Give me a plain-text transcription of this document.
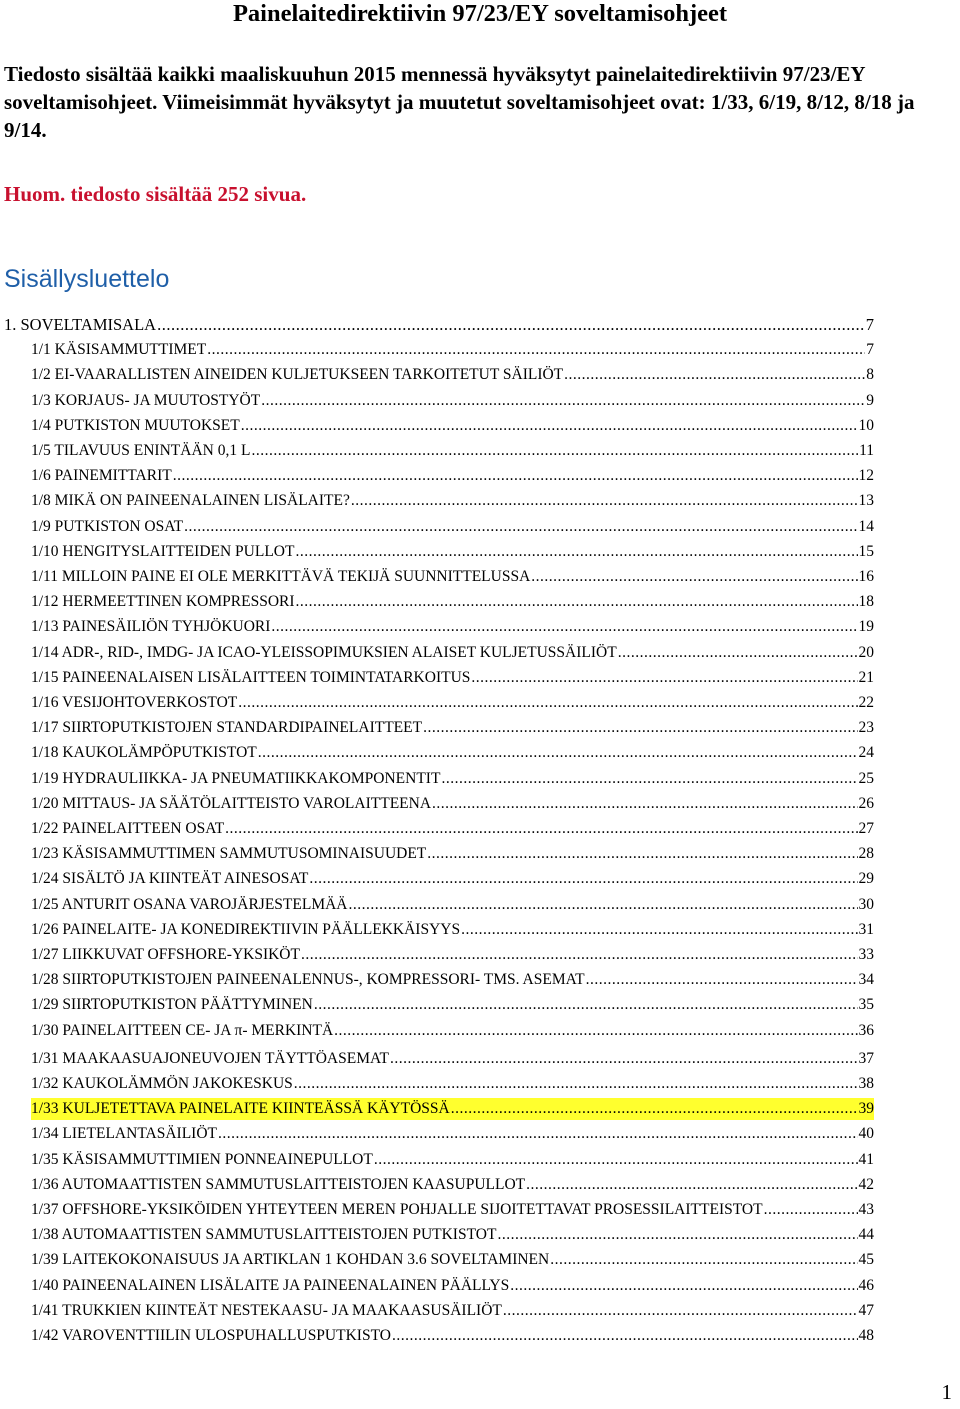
Painelaitedirektiivin 97/23/EY soveltamisohjeet
Tiedosto sisältää kaikki maaliskuuhun 2015 mennessä hyväksytyt painelaitedirektiivin 97/23/EY soveltamisohjeet. Viimeisimmät hyväksytyt ja muutetut soveltamisohjeet ovat: 1/33, 6/19, 8/12, 8/18 ja 9/14.
Huom. tiedosto sisältää 252 sivua.
Sisällysluettelo
1. SOVELTAMISALA .....	7
1/1 KÄSISAMMUTTIMET .....	7
1/2 EI-VAARALLISTEN AINEIDEN KULJETUKSEEN TARKOITETUT SÄILIÖT .....	8
1/3 KORJAUS- JA MUUTOSTYÖT .....	9
1/4 PUTKISTON MUUTOKSET .....	10
1/5 TILAVUUS ENINTÄÄN 0,1 L .....	11
1/6 PAINEMITTARIT .....	12
1/8 MIKÄ ON PAINEENALAINEN LISÄLAITE? .....	13
1/9 PUTKISTON OSAT .....	14
1/10 HENGITYSLAITTEIDEN PULLOT .....	15
1/11 MILLOIN PAINE EI OLE MERKITTÄVÄ TEKIJÄ SUUNNITTELUSSA .....	16
1/12 HERMEETTINEN KOMPRESSORI .....	18
1/13 PAINESÄILIÖN TYHJÖKUORI .....	19
1/14 ADR-, RID-, IMDG- JA ICAO-YLEISSOPIMUKSIEN ALAISET KULJETUSSÄILIÖT .....	20
1/15 PAINEENALAISEN LISÄLAITTEEN TOIMINTATARKOITUS .....	21
1/16 VESIJOHTOVERKOSTOT .....	22
1/17 SIIRTOPUTKISTOJEN STANDARDIPAINELAITTEET .....	23
1/18 KAUKOLÄMPÖPUTKISTOT .....	24
1/19 HYDRAULIIKKA- JA PNEUMATIIKKAKOMPONENTIT .....	25
1/20 MITTAUS- JA SÄÄTÖLAITTEISTO VAROLAITTEENA .....	26
1/22 PAINELAITTEEN OSAT .....	27
1/23 KÄSISAMMUTTIMEN SAMMUTUSOMINAISUUDET .....	28
1/24 SISÄLTÖ JA KIINTEÄT AINESOSAT .....	29
1/25 ANTURIT OSANA VAROJÄRJESTELMÄÄ .....	30
1/26 PAINELAITE- JA KONEDIREKTIIVIN PÄÄLLEKKÄISYYS .....	31
1/27 LIIKKUVAT OFFSHORE-YKSIKÖT .....	33
1/28 SIIRTOPUTKISTOJEN PAINEENALENNUS-, KOMPRESSORI- TMS. ASEMAT .....	34
1/29 SIIRTOPUTKISTON PÄÄTTYMINEN .....	35
1/30 PAINELAITTEEN CE- JA π- MERKINTÄ .....	36
1/31 MAAKAASUAJONEUVOJEN TÄYTTÖASEMAT .....	37
1/32 KAUKOLÄMMÖN JAKOKESKUS .....	38
1/33 KULJETETTAVA PAINELAITE KIINTEÄSSÄ KÄYTÖSSÄ .....	39
1/34 LIETELANTASÄILIÖT .....	40
1/35 KÄSISAMMUTTIMIEN PONNEAINEPULLOT .....	41
1/36 AUTOMAATTISTEN SAMMUTUSLAITTEISTOJEN KAASUPULLOT .....	42
1/37 OFFSHORE-YKSIKÖIDEN YHTEYTEEN MEREN POHJALLE SIJOITETTAVAT PROSESSILAITTEISTOT .....	43
1/38 AUTOMAATTISTEN SAMMUTUSLAITTEISTOJEN PUTKISTOT .....	44
1/39 LAITEKOKONAISUUS JA ARTIKLAN 1 KOHDAN 3.6 SOVELTAMINEN .....	45
1/40 PAINEENALAINEN LISÄLAITE JA PAINEENALAINEN PÄÄLLYS .....	46
1/41 TRUKKIEN KIINTEÄT NESTEKAASU- JA MAAKAASUSÄILIÖT .....	47
1/42 VAROVENTTIILIN ULOSPUHALLUSPUTKISTO .....	48
1
